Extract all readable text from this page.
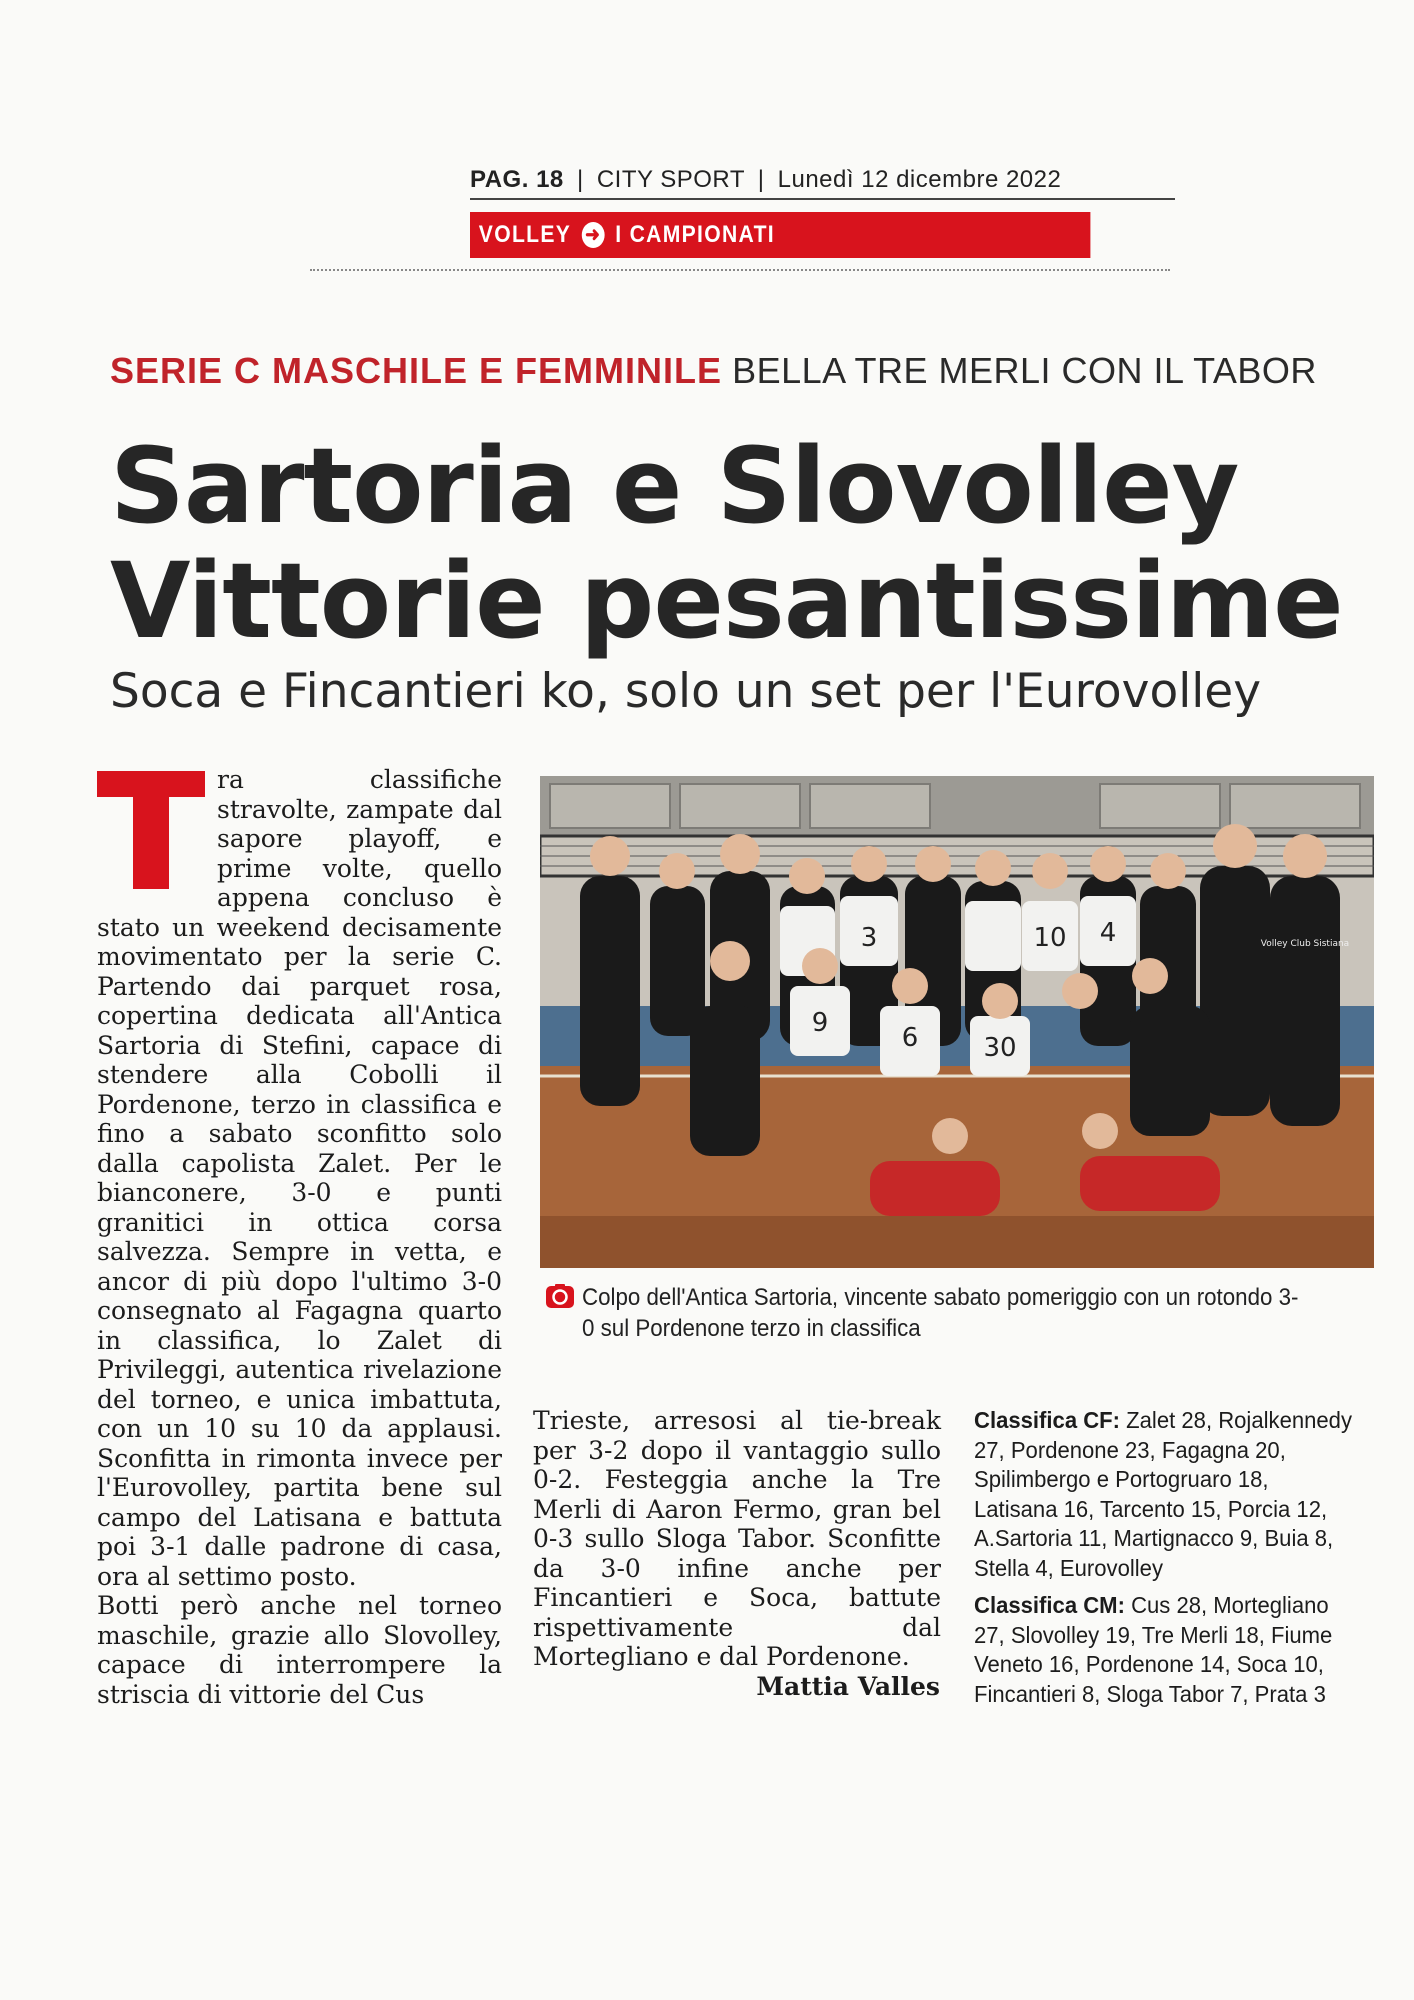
PAG. 18 | CITY SPORT | Lunedì 12 dicembre 2022
VOLLEY ➜ I CAMPIONATI
SERIE C MASCHILE E FEMMINILE BELLA TRE MERLI CON IL TABOR
Sartoria e Slovolley
Vittorie pesantissime
Soca e Fincantieri ko, solo un set per l'Eurovolley
ra classifiche stravolte, zampate dal sapore playoff, e prime volte, quello appena concluso è stato un weekend decisamente movimentato per la serie C. Partendo dai parquet rosa, copertina dedicata all'Antica Sartoria di Stefini, capace di stendere alla Cobolli il Pordenone, terzo in classifica e fino a sabato sconfitto solo dalla capolista Zalet. Per le bianconere, 3-0 e punti granitici in ottica corsa salvezza. Sempre in vetta, e ancor di più dopo l'ultimo 3-0 consegnato al Fagagna quarto in classifica, lo Zalet di Privileggi, autentica rivelazione del torneo, e unica imbattuta, con un 10 su 10 da applausi. Sconfitta in rimonta invece per l'Eurovolley, partita bene sul campo del Latisana e battuta poi 3-1 dalle padrone di casa, ora al settimo posto.
Botti però anche nel torneo maschile, grazie allo Slovolley, capace di interrompere la striscia di vittorie del Cus
3
9	6	30
10 4	Volley Club Sistiana
Colpo dell'Antica Sartoria, vincente sabato pomeriggio con un rotondo 3-0 sul Pordenone terzo in classifica
Trieste, arresosi al tie-break per 3-2 dopo il vantaggio sullo 0-2. Festeggia anche la Tre Merli di Aaron Fermo, gran bel 0-3 sullo Sloga Tabor. Sconfitte da 3-0 infine anche per Fincantieri e Soca, battute rispettivamente dal Mortegliano e dal Pordenone.
Mattia Valles

Classifica CF: Zalet 28, Rojalkennedy 27, Pordenone 23, Fagagna 20, Spilimbergo e Portogruaro 18, Latisana 16, Tarcento 15, Porcia 12, A.Sartoria 11, Martignacco 9, Buia 8, Stella 4, Eurovolley

Classifica CM: Cus 28, Mortegliano 27, Slovolley 19, Tre Merli 18, Fiume Veneto 16, Pordenone 14, Soca 10, Fincantieri 8, Sloga Tabor 7, Prata 3
